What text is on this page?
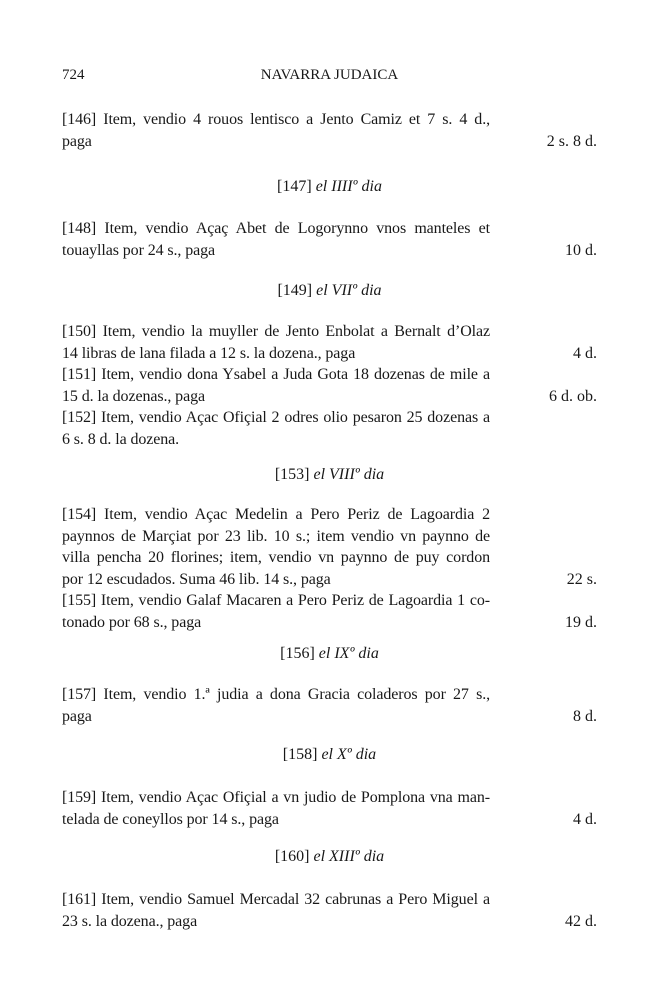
724	NAVARRA JUDAICA
[146] Item, vendio 4 rouos lentisco a Jento Camiz et 7 s. 4 d.,
paga	2 s. 8 d.
[147] el IIIIº dia
[148] Item, vendio Açaç Abet de Logorynno vnos manteles et
touayllas por 24 s., paga	10 d.
[149] el VIIº dia
[150] Item, vendio la muyller de Jento Enbolat a Bernalt d’Olaz
14 libras de lana filada a 12 s. la dozena., paga	4 d.
[151] Item, vendio dona Ysabel a Juda Gota 18 dozenas de mile a
15 d. la dozenas., paga	6 d. ob.
[152] Item, vendio Açac Ofiçial 2 odres olio pesaron 25 dozenas a
6 s. 8 d. la dozena.
[153] el VIIIº dia
[154] Item, vendio Açac Medelin a Pero Periz de Lagoardia 2
paynnos de Marçiat por 23 lib. 10 s.; item vendio vn paynno de
villa pencha 20 florines; item, vendio vn paynno de puy cordon
por 12 escudados. Suma 46 lib. 14 s., paga	22 s.
[155] Item, vendio Galaf Macaren a Pero Periz de Lagoardia 1 co-
tonado por 68 s., paga	19 d.
[156] el IXº dia
[157] Item, vendio 1.ª judia a dona Gracia coladeros por 27 s.,
paga	8 d.
[158] el Xº dia
[159] Item, vendio Açac Ofiçial a vn judio de Pomplona vna man-
telada de coneyllos por 14 s., paga	4 d.
[160] el XIIIº dia
[161] Item, vendio Samuel Mercadal 32 cabrunas a Pero Miguel a
23 s. la dozena., paga	42 d.
